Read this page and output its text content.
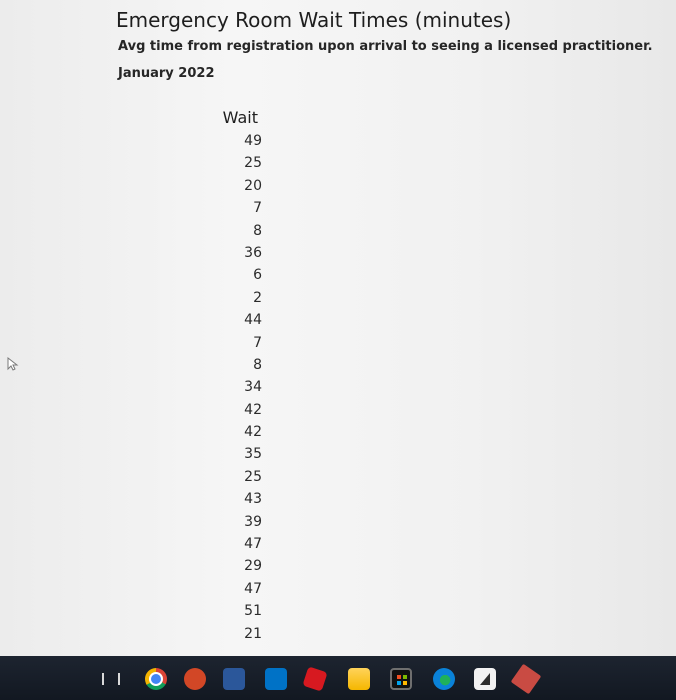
Emergency Room Wait Times (minutes)
Avg time from registration upon arrival to seeing a licensed practitioner.
January 2022
Wait
49
25
20
7
8
36
6
2
44
7
8
34
42
42
35
25
43
39
47
29
47
51
21
